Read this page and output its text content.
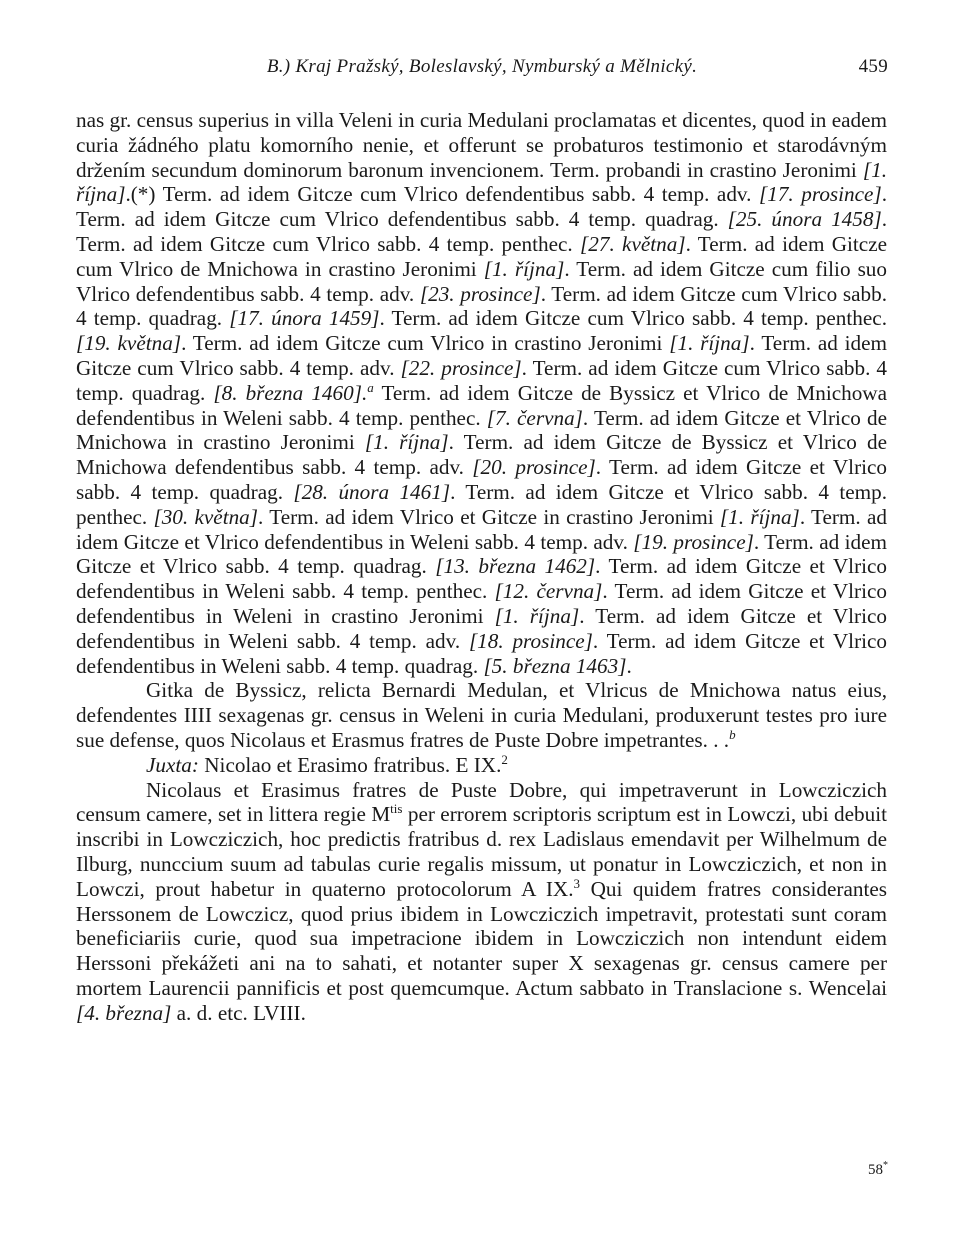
B.) Kraj Pražský, Boleslavský, Nymburský a Mělnický.	459

nas gr. census superius in villa Veleni in curia Medulani proclamatas et dicentes, quod in eadem curia žádného platu komorního nenie, et offerunt se probaturos testimonio et starodávným držením secundum dominorum baronum invencionem. Term. probandi in crastino Jeronimi [1. října].(*) Term. ad idem Gitcze cum Vlrico defendentibus sabb. 4 temp. adv. [17. prosince]. Term. ad idem Gitcze cum Vlrico defendentibus sabb. 4 temp. quadrag. [25. února 1458]. Term. ad idem Gitcze cum Vlrico sabb. 4 temp. penthec. [27. května]. Term. ad idem Gitcze cum Vlrico de Mnichowa in crastino Jeronimi [1. října]. Term. ad idem Gitcze cum filio suo Vlrico defendentibus sabb. 4 temp. adv. [23. prosince]. Term. ad idem Gitcze cum Vlrico sabb. 4 temp. quadrag. [17. února 1459]. Term. ad idem Gitcze cum Vlrico sabb. 4 temp. penthec. [19. května]. Term. ad idem Gitcze cum Vlrico in crastino Jeronimi [1. října]. Term. ad idem Gitcze cum Vlrico sabb. 4 temp. adv. [22. prosince]. Term. ad idem Gitcze cum Vlrico sabb. 4 temp. quadrag. [8. března 1460].$^a$ Term. ad idem Gitcze de Byssicz et Vlrico de Mnichowa defendentibus in Weleni sabb. 4 temp. penthec. [7. června]. Term. ad idem Gitcze et Vlrico de Mnichowa in crastino Jeronimi [1. října]. Term. ad idem Gitcze de Byssicz et Vlrico de Mnichowa defendentibus sabb. 4 temp. adv. [20. prosince]. Term. ad idem Gitcze et Vlrico sabb. 4 temp. quadrag. [28. února 1461]. Term. ad idem Gitcze et Vlrico sabb. 4 temp. penthec. [30. května]. Term. ad idem Vlrico et Gitcze in crastino Jeronimi [1. října]. Term. ad idem Gitcze et Vlrico defendentibus in Weleni sabb. 4 temp. adv. [19. prosince]. Term. ad idem Gitcze et Vlrico sabb. 4 temp. quadrag. [13. března 1462]. Term. ad idem Gitcze et Vlrico defendentibus in Weleni sabb. 4 temp. penthec. [12. června]. Term. ad idem Gitcze et Vlrico defendentibus in Weleni in crastino Jeronimi [1. října]. Term. ad idem Gitcze et Vlrico defendentibus in Weleni sabb. 4 temp. adv. [18. prosince]. Term. ad idem Gitcze et Vlrico defendentibus in Weleni sabb. 4 temp. quadrag. [5. března 1463].

Gitka de Byssicz, relicta Bernardi Medulan, et Vlricus de Mnichowa natus eius, defendentes IIII sexagenas gr. census in Weleni in curia Medulani, produxerunt testes pro iure sue defense, quos Nicolaus et Erasmus fratres de Puste Dobre impetrantes. . .$^b$

Juxta: Nicolao et Erasimo fratribus. E IX.$^2$

Nicolaus et Erasimus fratres de Puste Dobre, qui impetraverunt in Lowcziczich censum camere, set in littera regie $M^{tis}$ per errorem scriptoris scriptum est in Lowczi, ubi debuit inscribi in Lowcziczich, hoc predictis fratribus d. rex Ladislaus emendavit per Wilhelmum de Ilburg, nunccium suum ad tabulas curie regalis missum, ut ponatur in Lowcziczich, et non in Lowczi, prout habetur in quaterno protocolorum A IX.$^3$ Qui quidem fratres considerantes Herssonem de Lowczicz, quod prius ibidem in Lowcziczich impetravit, protestati sunt coram beneficiariis curie, quod sua impetracione ibidem in Lowcziczich non intendunt eidem Herssoni překážeti ani na to sahati, et notanter super X sexagenas gr. census camere per mortem Laurencii pannificis et post quemcumque. Actum sabbato in Translacione s. Wencelai [4. března] a. d. etc. LVIII.

58*
